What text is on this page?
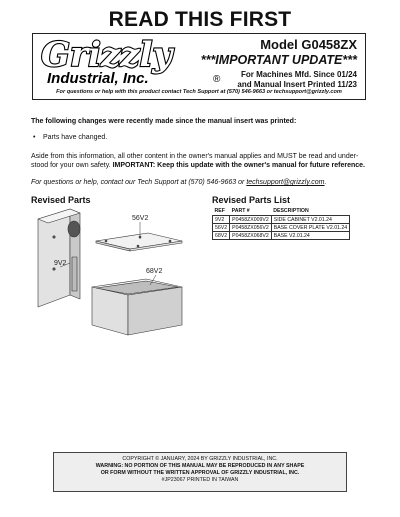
READ THIS FIRST
Grizzly
Industrial, Inc.	®
Model G0458ZX
***IMPORTANT UPDATE***
For Machines Mfd. Since 01/24
and Manual Insert Printed 11/23
For questions or help with this product contact Tech Support at (570) 546-9663 or techsupport@grizzly.com
The following changes were recently made since the manual insert was printed:
• Parts have changed.
Aside from this information, all other content in the owner's manual applies and MUST be read and under-stood for your own safety. IMPORTANT: Keep this update with the owner's manual for future reference.
For questions or help, contact our Tech Support at (570) 546-9663 or techsupport@grizzly.com.
Revised Parts	Revised Parts List
56V2
9V2
68V2
REF	PART #	DESCRIPTION
9V2	P0458ZX009V2	SIDE CABINET V2.01.24
56V2	P0458ZX056V2	BASE COVER PLATE V2.01.24
68V2	P0458ZX068V2	BASE V2.01.24
COPYRIGHT © JANUARY, 2024 BY GRIZZLY INDUSTRIAL, INC.
WARNING: NO PORTION OF THIS MANUAL MAY BE REPRODUCED IN ANY SHAPE
OR FORM WITHOUT THE WRITTEN APPROVAL OF GRIZZLY INDUSTRIAL, INC.
#JP23067 PRINTED IN TAIWAN
